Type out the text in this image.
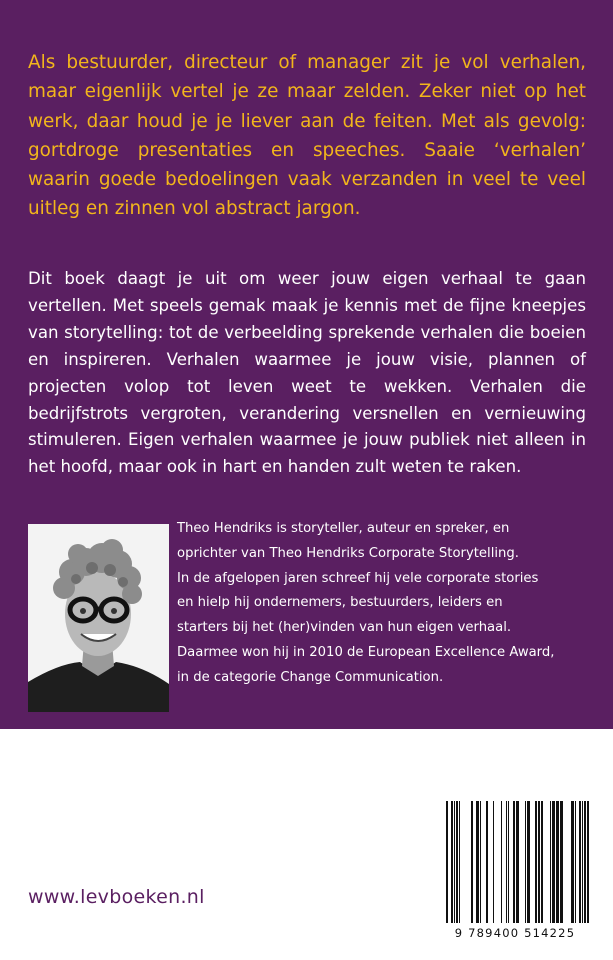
Als bestuurder, directeur of manager zit je vol verhalen, maar eigenlijk vertel je ze maar zelden. Zeker niet op het werk, daar houd je je liever aan de feiten. Met als gevolg: gortdroge presentaties en speeches. Saaie ‘verhalen’ waarin goede bedoelingen vaak verzanden in veel te veel uitleg en zinnen vol abstract jargon.

Dit boek daagt je uit om weer jouw eigen verhaal te gaan vertellen. Met speels gemak maak je kennis met de fijne kneepjes van storytelling: tot de verbeelding sprekende verhalen die boeien en inspireren. Verhalen waarmee je jouw visie, plannen of projecten volop tot leven weet te wekken. Verhalen die bedrijfstrots vergroten, verandering versnellen en vernieuwing stimuleren. Eigen verhalen waarmee je jouw publiek niet alleen in het hoofd, maar ook in hart en handen zult weten te raken.

Theo Hendriks is storyteller, auteur en spreker, en
oprichter van Theo Hendriks Corporate Storytelling.
In de afgelopen jaren schreef hij vele corporate stories
en hielp hij ondernemers, bestuurders, leiders en
starters bij het (her)vinden van hun eigen verhaal.
Daarmee won hij in 2010 de European Excellence Award,
in de categorie Change Communication.
www.levboeken.nl
9 789400 514225
